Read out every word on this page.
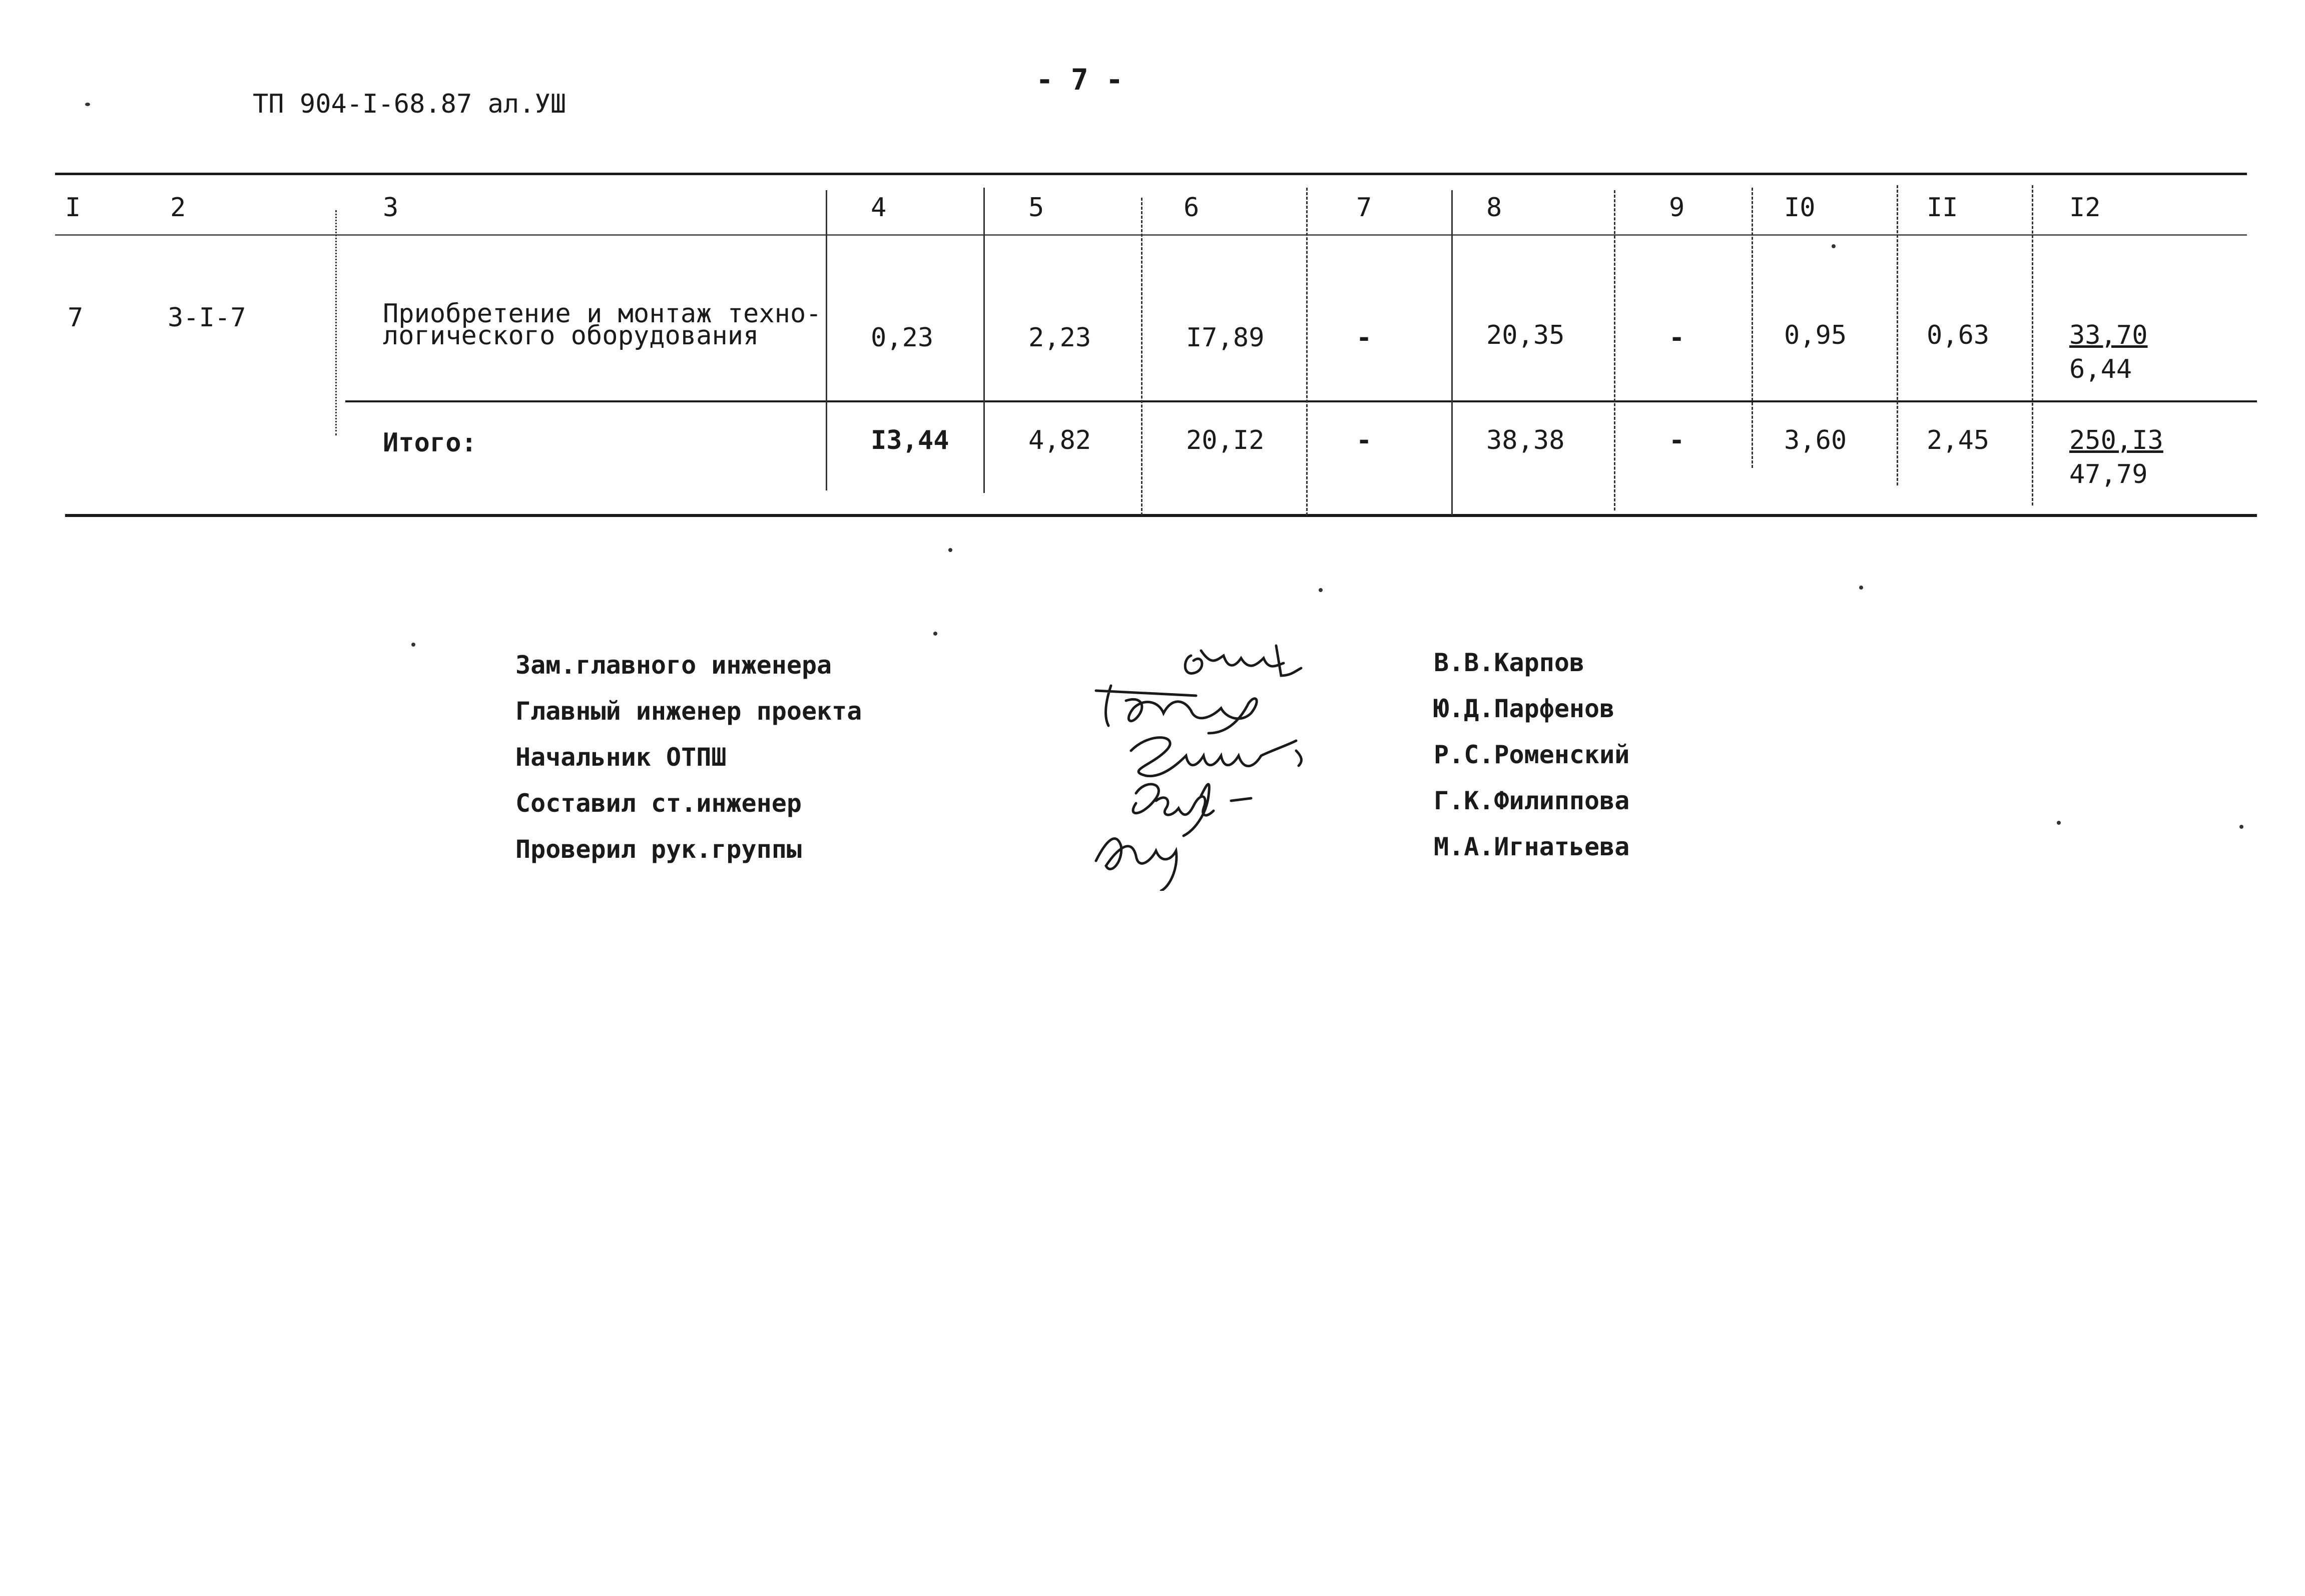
- 7 -
ТП 904-I-68.87 ал.УШ
I	2	3	4	5	6	7	8	9	I0	II	I2
7	3-I-7	Приобретение и монтаж техно-
логического оборудования	0,23	2,23	I7,89	-	20,35	-	0,95	0,63	33,70
6,44
Итого:	I3,44	4,82	20,I2	-	38,38	-	3,60	2,45	250,I3
47,79
Зам.главного инженера
Главный инженер проекта
Начальник ОТПШ
Составил ст.инженер
Проверил рук.группы
В.В.Карпов
Ю.Д.Парфенов
Р.С.Роменский
Г.К.Филиппова
М.А.Игнатьева
